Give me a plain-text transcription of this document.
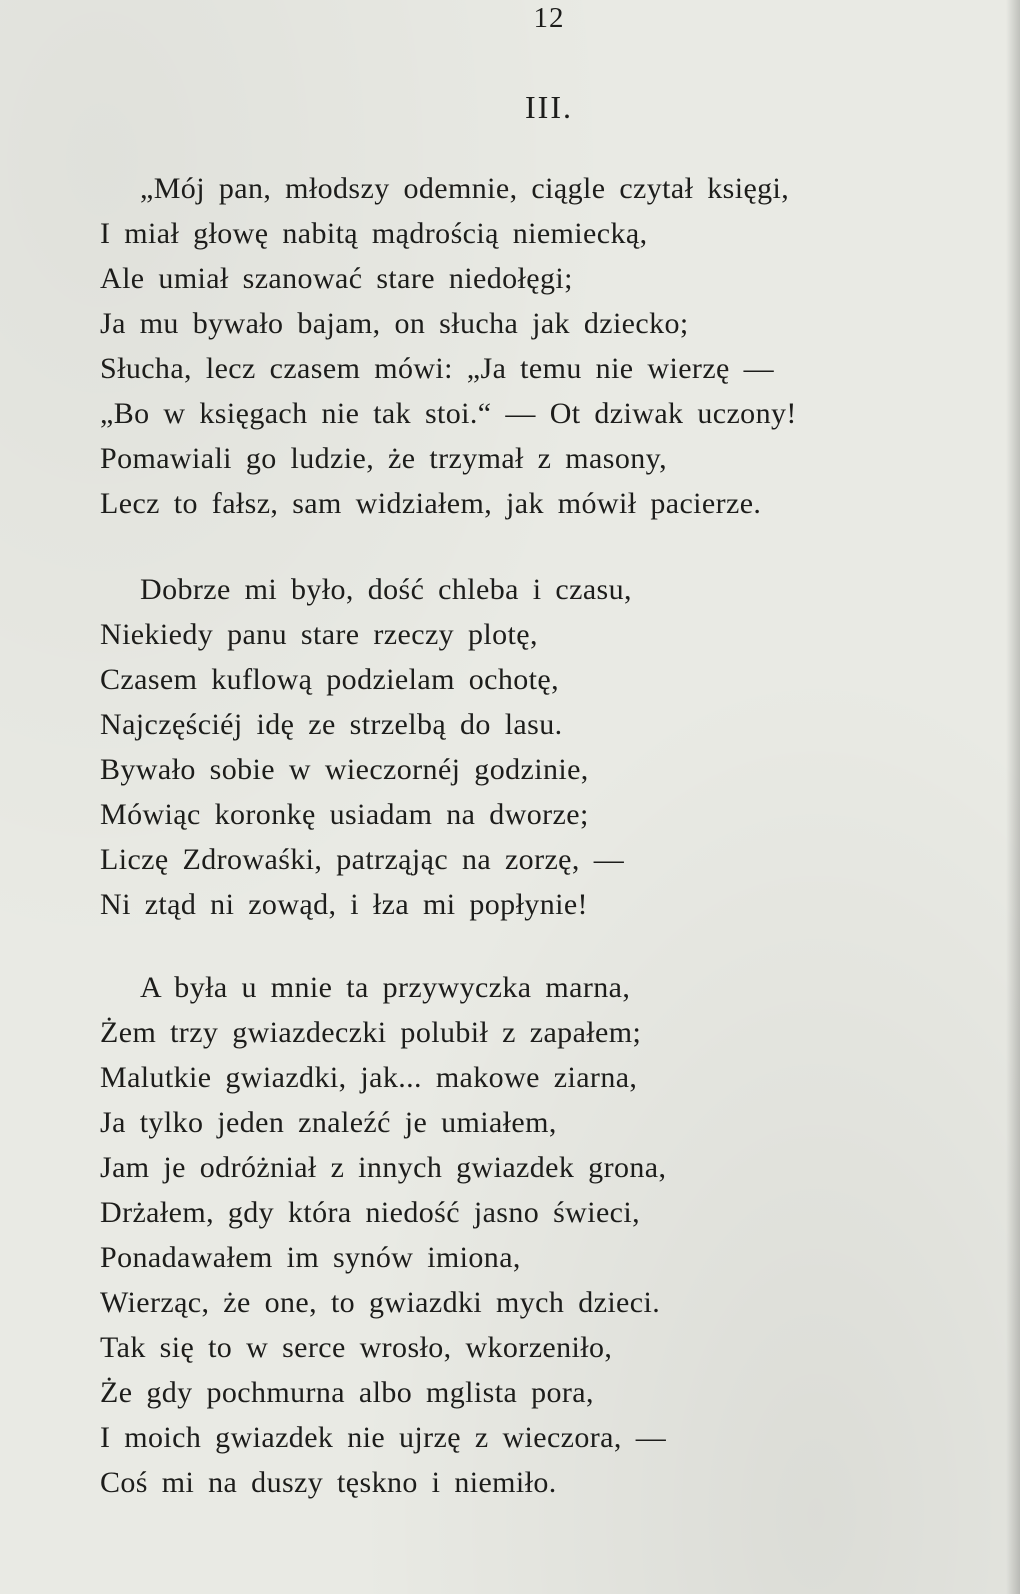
12
III.
„Mój pan, młodszy odemnie, ciągle czytał księgi,
I miał głowę nabitą mądrością niemiecką,
Ale umiał szanować stare niedołęgi;
Ja mu bywało bajam, on słucha jak dziecko;
Słucha, lecz czasem mówi: „Ja temu nie wierzę —
„Bo w księgach nie tak stoi.“ — Ot dziwak uczony!
Pomawiali go ludzie, że trzymał z masony,
Lecz to fałsz, sam widziałem, jak mówił pacierze.
Dobrze mi było, dość chleba i czasu,
Niekiedy panu stare rzeczy plotę,
Czasem kuflową podzielam ochotę,
Najczęściéj idę ze strzelbą do lasu.
Bywało sobie w wieczornéj godzinie,
Mówiąc koronkę usiadam na dworze;
Liczę Zdrowaśki, patrząjąc na zorzę, —
Ni ztąd ni zowąd, i łza mi popłynie!
A była u mnie ta przywyczka marna,
Żem trzy gwiazdeczki polubił z zapałem;
Malutkie gwiazdki, jak... makowe ziarna,
Ja tylko jeden znaleźć je umiałem,
Jam je odróżniał z innych gwiazdek grona,
Drżałem, gdy która niedość jasno świeci,
Ponadawałem im synów imiona,
Wierząc, że one, to gwiazdki mych dzieci.
Tak się to w serce wrosło, wkorzeniło,
Że gdy pochmurna albo mglista pora,
I moich gwiazdek nie ujrzę z wieczora, —
Coś mi na duszy tęskno i niemiło.
